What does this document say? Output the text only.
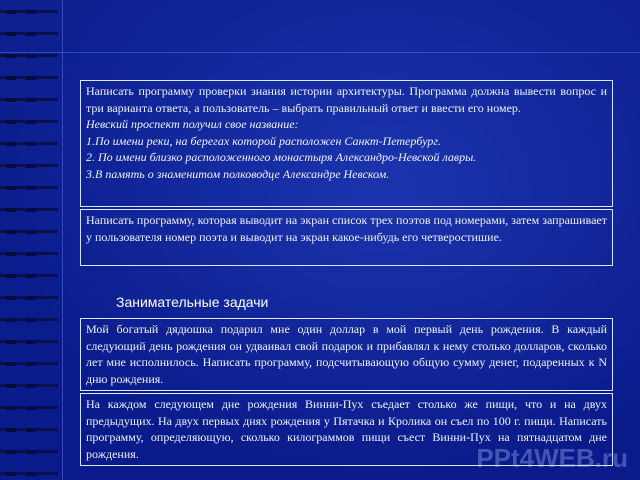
Написать программу проверки знания истории архитектуры. Программа должна вывести вопрос и три варианта ответа, а пользователь – выбрать правильный ответ и ввести его номер.

Невский проспект получил свое название:

1.По имени реки, на берегах которой расположен Санкт-Петербург.

2. По имени близко расположенного монастыря Александро-Невской лавры.

3.В память о знаменитом полководце Александре Невском.

Написать программу, которая выводит на экран список трех поэтов под номерами, затем запрашивает у пользователя номер поэта и выводит на экран какое-нибудь его четверостишие.

Занимательные задачи

Мой богатый дядюшка подарил мне один доллар в мой первый день рождения. В каждый следующий день рождения он удваивал свой подарок и прибавлял к нему столько долларов, сколько лет мне исполнилось. Написать программу, подсчитывающую общую сумму денег, подаренных к N дню рождения.

На каждом следующем дне рождения Винни-Пух съедает столько же пищи, что и на двух предыдущих. На двух первых днях рождения у Пятачка и Кролика он съел по 100 г. пищи. Написать программу, определяющую, сколько килограммов пищи съест Винни-Пух на пятнадцатом дне рождения.	PPt4WEB.ru
